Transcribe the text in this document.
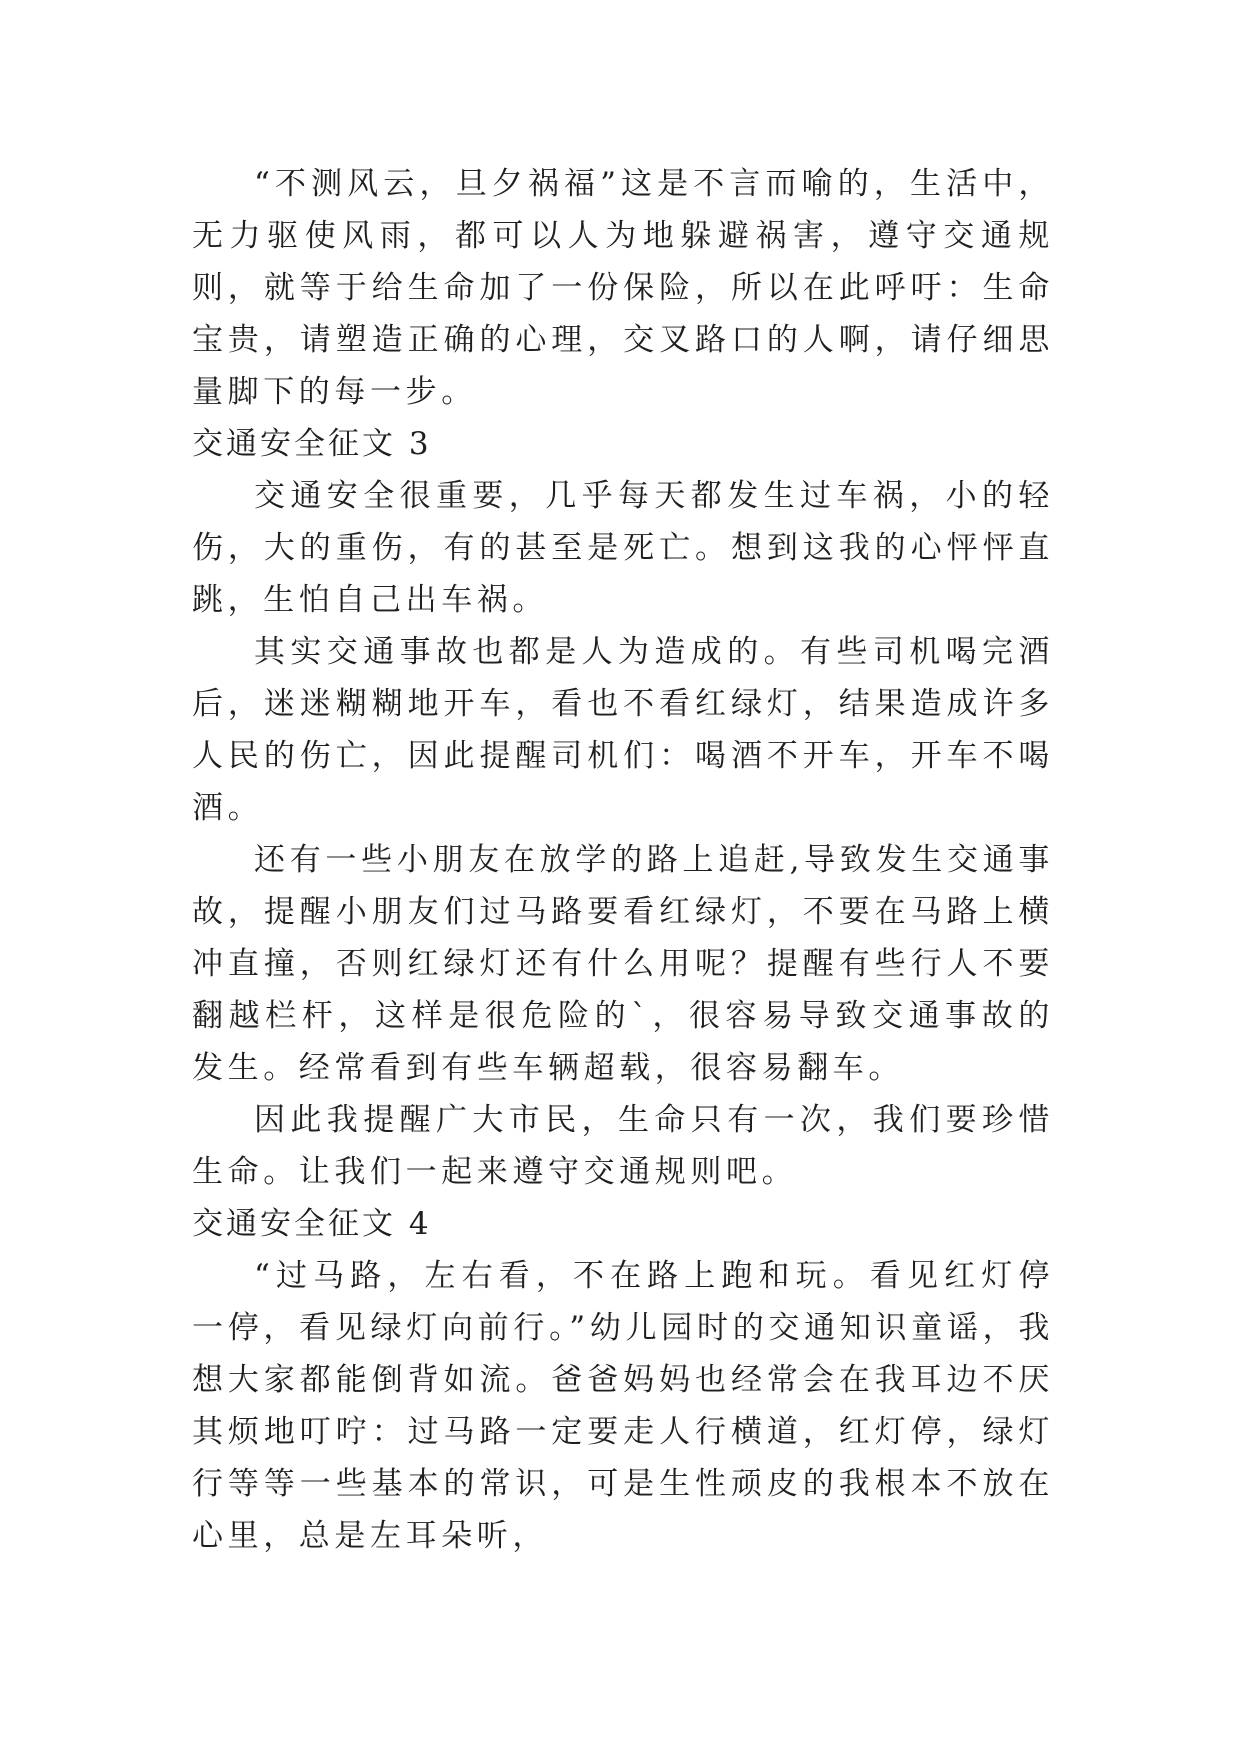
“不测风云，旦夕祸福”这是不言而喻的，生活中，无力驱使风雨，都可以人为地躲避祸害，遵守交通规则，就等于给生命加了一份保险，所以在此呼吁：生命宝贵，请塑造正确的心理，交叉路口的人啊，请仔细思量脚下的每一步。

交通安全征文 3

交通安全很重要，几乎每天都发生过车祸，小的轻伤，大的重伤，有的甚至是死亡。想到这我的心怦怦直跳，生怕自己出车祸。

其实交通事故也都是人为造成的。有些司机喝完酒后，迷迷糊糊地开车，看也不看红绿灯，结果造成许多人民的伤亡，因此提醒司机们：喝酒不开车，开车不喝酒。

还有一些小朋友在放学的路上追赶,导致发生交通事故，提醒小朋友们过马路要看红绿灯，不要在马路上横冲直撞，否则红绿灯还有什么用呢？提醒有些行人不要翻越栏杆，这样是很危险的`，很容易导致交通事故的发生。经常看到有些车辆超载，很容易翻车。

因此我提醒广大市民，生命只有一次，我们要珍惜生命。让我们一起来遵守交通规则吧。

交通安全征文 4

“过马路，左右看，不在路上跑和玩。看见红灯停一停，看见绿灯向前行。”幼儿园时的交通知识童谣，我想大家都能倒背如流。爸爸妈妈也经常会在我耳边不厌其烦地叮咛：过马路一定要走人行横道，红灯停，绿灯行等等一些基本的常识，可是生性顽皮的我根本不放在心里，总是左耳朵听，
